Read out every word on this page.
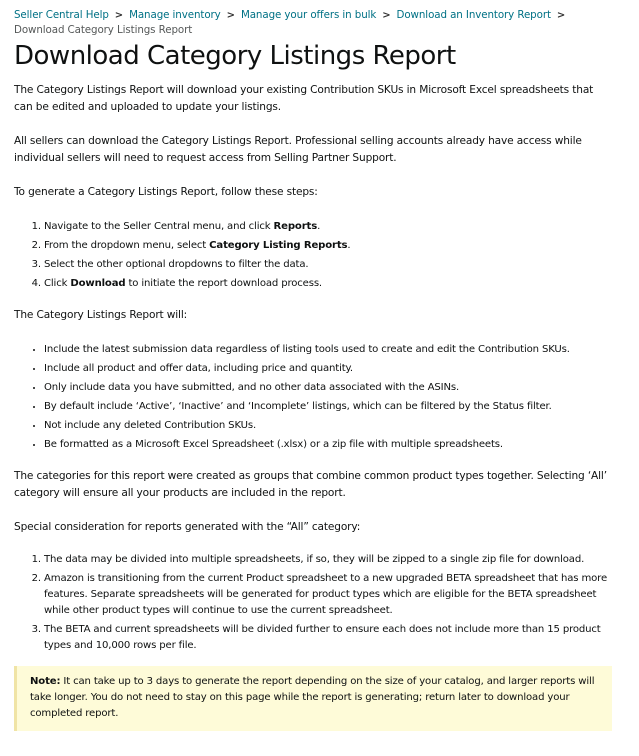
Seller Central Help > Manage inventory > Manage your offers in bulk > Download an Inventory Report >
Download Category Listings Report
Download Category Listings Report

The Category Listings Report will download your existing Contribution SKUs in Microsoft Excel spreadsheets that can be edited and uploaded to update your listings.

All sellers can download the Category Listings Report. Professional selling accounts already have access while individual sellers will need to request access from Selling Partner Support.

To generate a Category Listings Report, follow these steps:

1. Navigate to the Seller Central menu, and click Reports.
2. From the dropdown menu, select Category Listing Reports.
3. Select the other optional dropdowns to filter the data.
4. Click Download to initiate the report download process.

The Category Listings Report will:

• Include the latest submission data regardless of listing tools used to create and edit the Contribution SKUs.
• Include all product and offer data, including price and quantity.
• Only include data you have submitted, and no other data associated with the ASINs.
• By default include ‘Active’, ‘Inactive’ and ‘Incomplete’ listings, which can be filtered by the Status filter.
• Not include any deleted Contribution SKUs.
• Be formatted as a Microsoft Excel Spreadsheet (.xlsx) or a zip file with multiple spreadsheets.

The categories for this report were created as groups that combine common product types together. Selecting ‘All’ category will ensure all your products are included in the report.

Special consideration for reports generated with the “All” category:

1. The data may be divided into multiple spreadsheets, if so, they will be zipped to a single zip file for download.
2. Amazon is transitioning from the current Product spreadsheet to a new upgraded BETA spreadsheet that has more features. Separate spreadsheets will be generated for product types which are eligible for the BETA spreadsheet while other product types will continue to use the current spreadsheet.
3. The BETA and current spreadsheets will be divided further to ensure each does not include more than 15 product types and 10,000 rows per file.
Note: It can take up to 3 days to generate the report depending on the size of your catalog, and larger reports will take longer. You do not need to stay on this page while the report is generating; return later to download your completed report.
